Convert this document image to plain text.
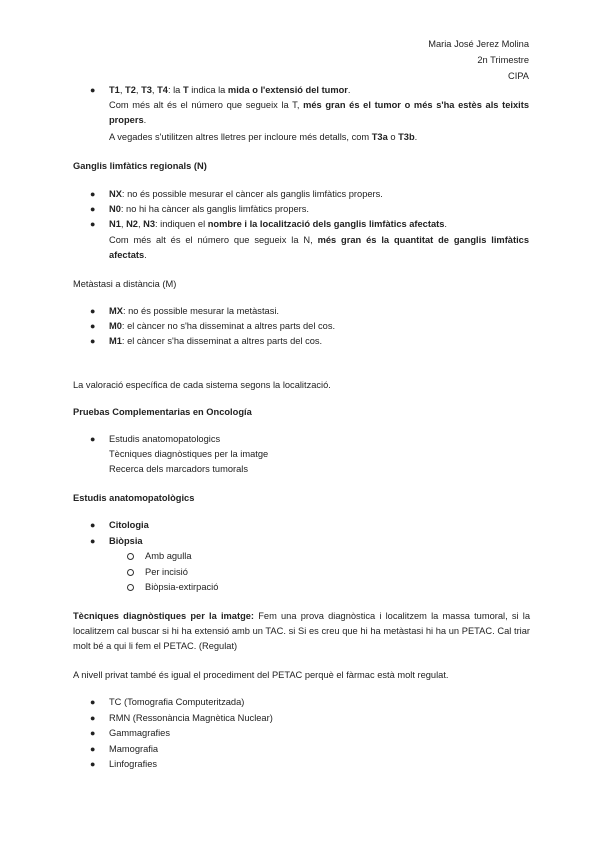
Maria José Jerez Molina
2n Trimestre
CIPA
● T1, T2, T3, T4: la T indica la mida o l'extensió del tumor.
Com més alt és el número que segueix la T, més gran és el tumor o més s'ha estès als teixits propers.
A vegades s'utilitzen altres lletres per incloure més detalls, com T3a o T3b.
Ganglis limfàtics regionals (N)
● NX: no és possible mesurar el càncer als ganglis limfàtics propers.
● N0: no hi ha càncer als ganglis limfàtics propers.
● N1, N2, N3: indiquen el nombre i la localització dels ganglis limfàtics afectats.
Com més alt és el número que segueix la N, més gran és la quantitat de ganglis limfàtics afectats.
Metàstasi a distància (M)
● MX: no és possible mesurar la metàstasi.
● M0: el càncer no s'ha disseminat a altres parts del cos.
● M1: el càncer s'ha disseminat a altres parts del cos.
La valoració específica de cada sistema segons la localització.
Pruebas Complementarias en Oncología
● Estudis anatomopatologics
Tècniques diagnòstiques per la imatge
Recerca dels marcadors tumorals
Estudis anatomopatològics
● Citologia
● Biòpsia
Amb agulla
Per incisió
Biòpsia-extirpació
Tècniques diagnòstiques per la imatge: Fem una prova diagnòstica i localitzem la massa tumoral, si la localitzem cal buscar si hi ha extensió amb un TAC. si Si es creu que hi ha metàstasi hi ha un PETAC. Cal triar molt bé a qui li fem el PETAC. (Regulat)
A nivell privat també és igual el procediment del PETAC perquè el fàrmac està molt regulat.
● TC (Tomografia Computeritzada)
● RMN (Ressonància Magnètica Nuclear)
● Gammagrafies
● Mamografia
● Linfografies
